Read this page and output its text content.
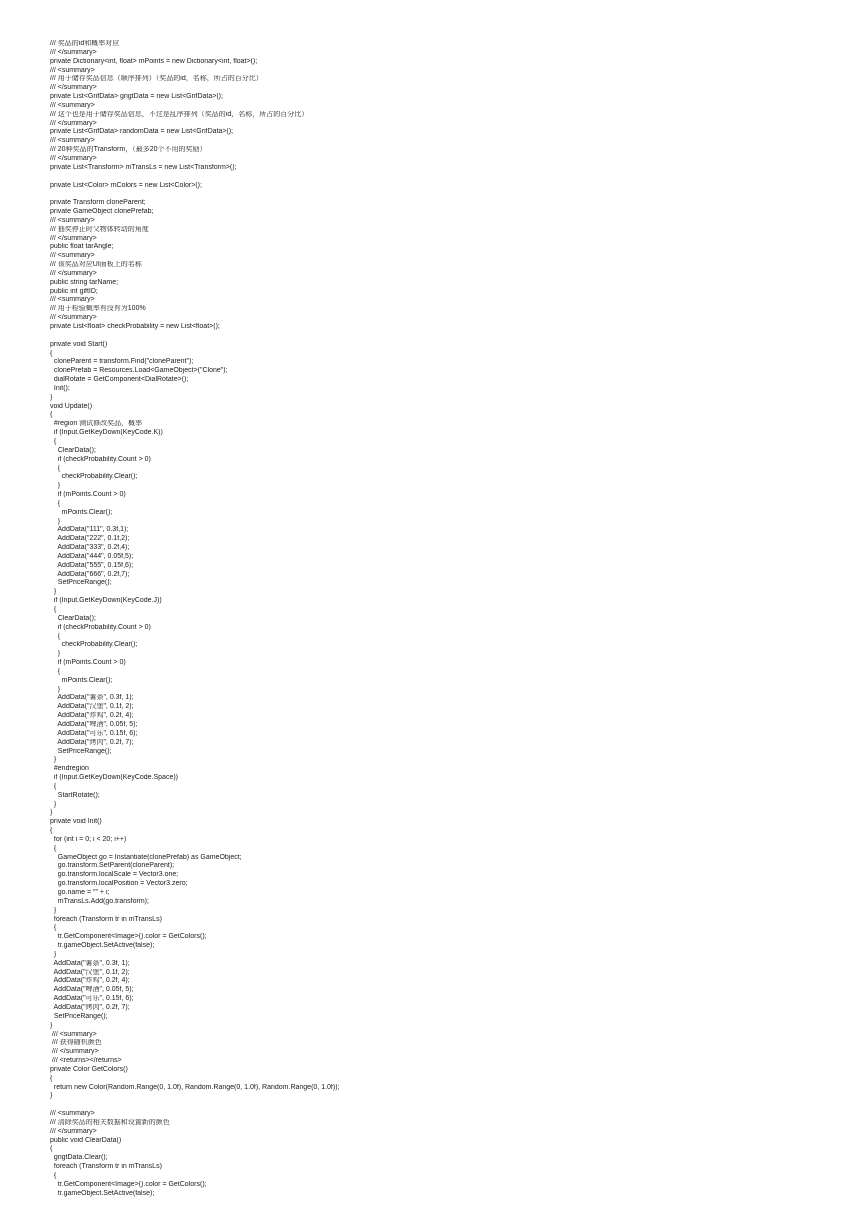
/// 奖品的id和概率对应
/// </summary>
private Dictionary<int, float> mPoints = new Dictionary<int, float>();
/// <summary>
/// 用于储存奖品信息（顺序排列）（奖品的id，名称，所占的百分比）
/// </summary>
private List<GrifData> grigtData = new List<GrifData>();
/// <summary>
/// 这个也是用于储存奖品信息，不过是乱序排列（奖品的id，名称，所占的百分比）
/// </summary>
private List<GrifData> randomData = new List<GrifData>();
/// <summary>
/// 20种奖品的Transform，（最多20个不用的奖励）
/// </summary>
private List<Transform> mTransLs = new List<Transform>();

private List<Color> mColors = new List<Color>();

private Transform cloneParent;
private GameObject clonePrefab;
/// <summary>
/// 抽奖停止时父物体转动的角度
/// </summary>
public float tarAngle;
/// <summary>
/// 该奖品对应UI面板上的名称
/// </summary>
public string tarName;
public int giftID;
/// <summary>
/// 用于检验概率有没有为100%
/// </summary>
private List<float> checkProbability = new List<float>();

private void Start()
{
cloneParent = transform.Find("cloneParent");
clonePrefab = Resources.Load<GameObject>("Clone");
dialRotate = GetComponent<DialRotate>();
Init();
}
void Update()
{
#region 测试修改奖品，概率
if (Input.GetKeyDown(KeyCode.K))
{
ClearData();
if (checkProbability.Count > 0)
{
checkProbability.Clear();
}
if (mPoints.Count > 0)
{
mPoints.Clear();
}
AddData("111", 0.3f,1);
AddData("222", 0.1f,2);
AddData("333", 0.2f,4);
AddData("444", 0.05f,5);
AddData("555", 0.15f,6);
AddData("666", 0.2f,7);
SetPriceRange();
}
if (Input.GetKeyDown(KeyCode.J))
{
ClearData();
if (checkProbability.Count > 0)
{
checkProbability.Clear();
}
if (mPoints.Count > 0)
{
mPoints.Clear();
}
AddData("薯条", 0.3f, 1);
AddData("汉堡", 0.1f, 2);
AddData("炸鸡", 0.2f, 4);
AddData("啤酒", 0.05f, 5);
AddData("可乐", 0.15f, 6);
AddData("烤肉", 0.2f, 7);
SetPriceRange();
}
#endregion
if (Input.GetKeyDown(KeyCode.Space))
{
StartRotate();
}
}
private void Init()
{
for (int i = 0; i < 20; i++)
{
GameObject go = Instantiate(clonePrefab) as GameObject;
go.transform.SetParent(cloneParent);
go.transform.localScale = Vector3.one;
go.transform.localPosition = Vector3.zero;
go.name = "" + i;
mTransLs.Add(go.transform);
}
foreach (Transform tr in mTransLs)
{
tr.GetComponent<Image>().color = GetColors();
tr.gameObject.SetActive(false);
}
AddData("薯条", 0.3f, 1);
AddData("汉堡", 0.1f, 2);
AddData("炸鸡", 0.2f, 4);
AddData("啤酒", 0.05f, 5);
AddData("可乐", 0.15f, 6);
AddData("烤肉", 0.2f, 7);
SetPriceRange();
}
/// <summary>
/// 获得随机颜色
/// </summary>
/// <returns></returns>
private Color GetColors()
{
return new Color(Random.Range(0, 1.0f), Random.Range(0, 1.0f), Random.Range(0, 1.0f));
}

/// <summary>
/// 清除奖品的相关数据和设置新的颜色
/// </summary>
public void ClearData()
{
grigtData.Clear();
foreach (Transform tr in mTransLs)
{
tr.GetComponent<Image>().color = GetColors();
tr.gameObject.SetActive(false);
